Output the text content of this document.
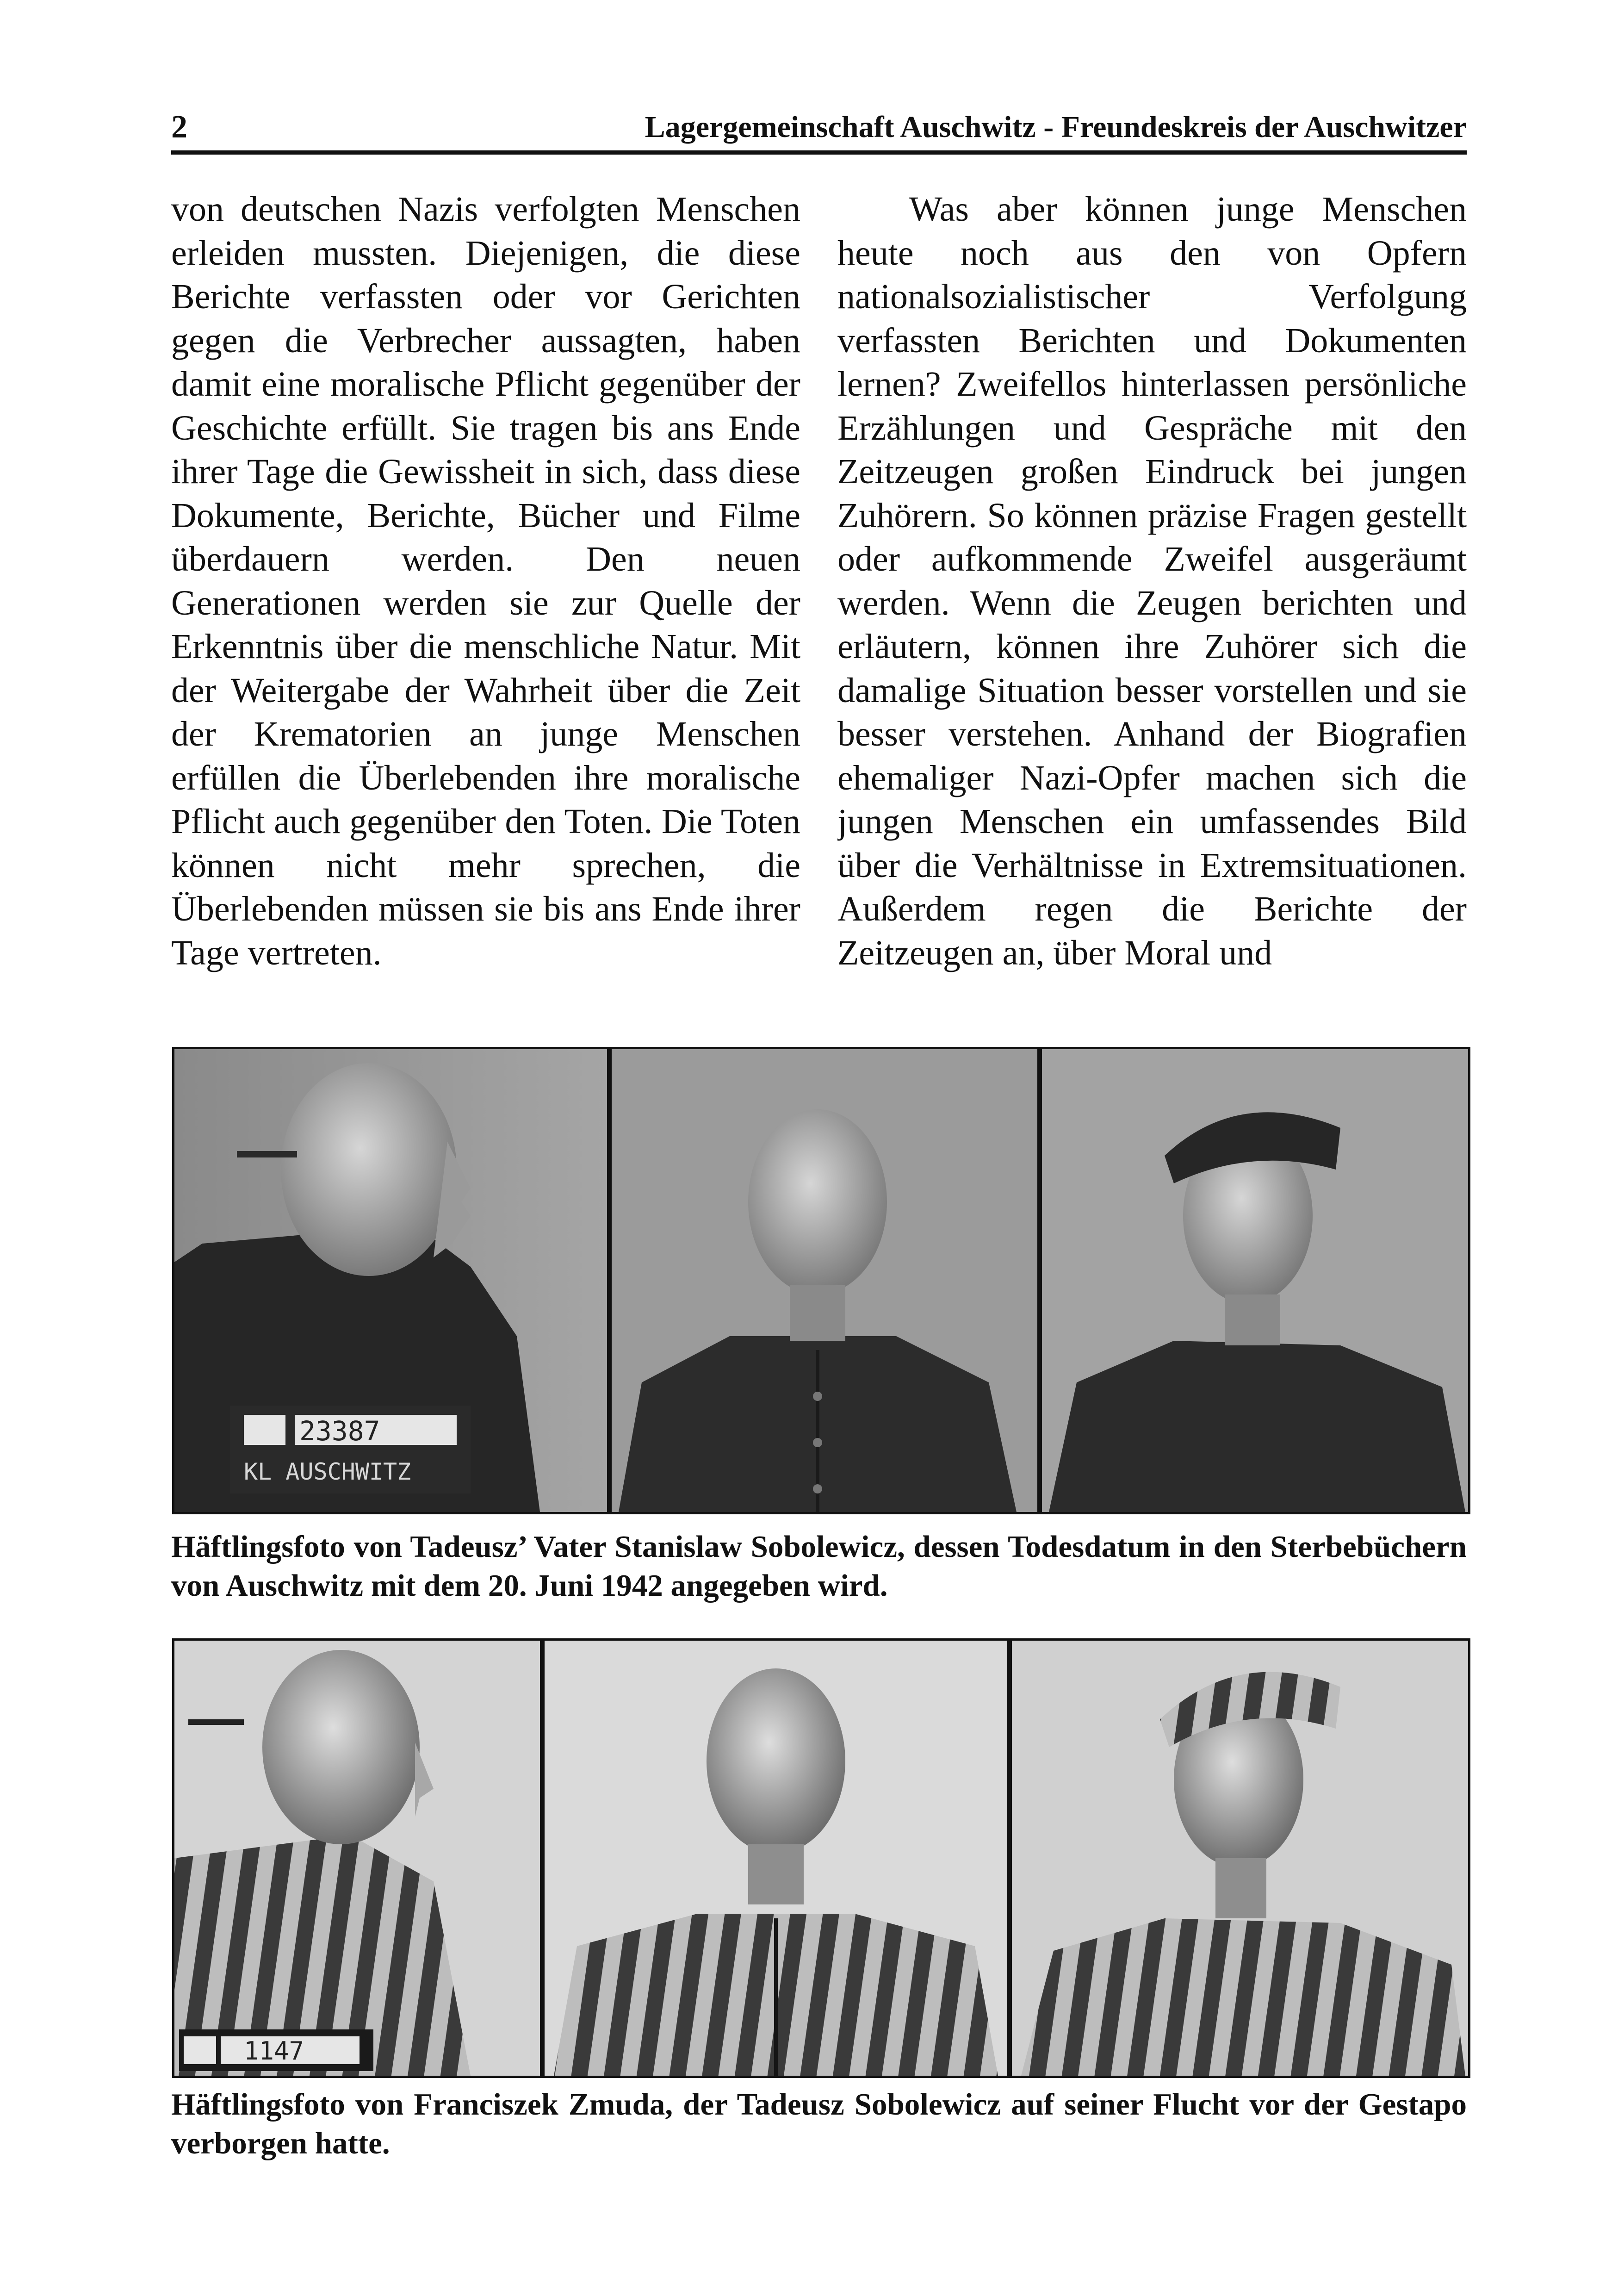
2	Lagergemeinschaft Auschwitz - Freundeskreis der Auschwitzer

von deutschen Nazis verfolgten Menschen erleiden mussten. Diejenigen, die diese Berichte verfassten oder vor Gerichten gegen die Verbrecher aussagten, haben damit eine moralische Pflicht gegenüber der Geschichte erfüllt. Sie tragen bis ans Ende ihrer Tage die Gewissheit in sich, dass diese Dokumente, Berichte, Bücher und Filme überdauern werden. Den neuen Generationen werden sie zur Quelle der Erkenntnis über die menschliche Natur. Mit der Weitergabe der Wahrheit über die Zeit der Krematorien an junge Menschen erfüllen die Überlebenden ihre moralische Pflicht auch gegenüber den Toten. Die Toten können nicht mehr sprechen, die Überlebenden müssen sie bis ans Ende ihrer Tage vertreten.

Was aber können junge Menschen heute noch aus den von Opfern nationalsozialistischer Verfolgung verfassten Berichten und Dokumenten lernen? Zweifellos hinterlassen persönliche Erzählungen und Gespräche mit den Zeitzeugen großen Eindruck bei jungen Zuhörern. So können präzise Fragen gestellt oder aufkommende Zweifel ausgeräumt werden. Wenn die Zeugen berichten und erläutern, können ihre Zuhörer sich die damalige Situation besser vorstellen und sie besser verstehen. Anhand der Biografien ehemaliger Nazi-Opfer machen sich die jungen Menschen ein umfassendes Bild über die Verhältnisse in Extremsituationen. Außerdem regen die Berichte der Zeitzeugen an, über Moral und

23387
KL AUSCHWITZ
Häftlingsfoto von Tadeusz’ Vater Stanislaw Sobolewicz, dessen Todesdatum in den Sterbebüchern von Auschwitz mit dem 20. Juni 1942 angegeben wird.
1147
Häftlingsfoto von Franciszek Zmuda, der Tadeusz Sobolewicz auf seiner Flucht vor der Gestapo verborgen hatte.
